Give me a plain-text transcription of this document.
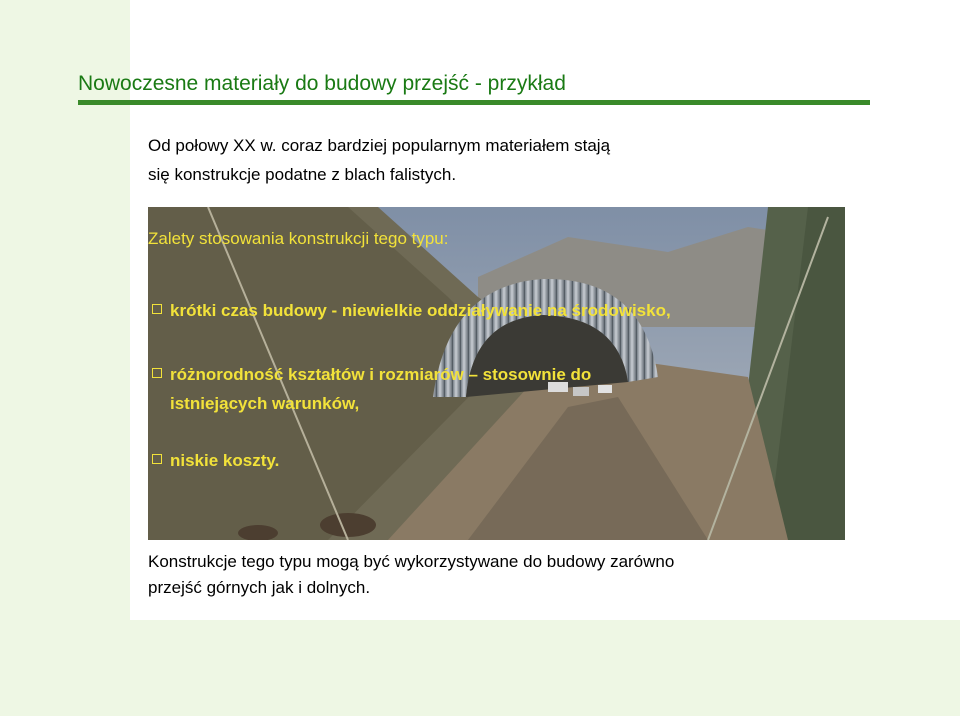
Nowoczesne materiały do budowy przejść - przykład
Od połowy XX w. coraz bardziej popularnym materiałem stają
się konstrukcje podatne z blach falistych.
Zalety stosowania konstrukcji tego typu:
krótki czas budowy - niewielkie oddziaływanie na środowisko,
różnorodność kształtów i rozmiarów – stosownie do
istniejących warunków,
niskie koszty.
Konstrukcje tego typu mogą być wykorzystywane do budowy zarówno
przejść górnych jak i dolnych.
